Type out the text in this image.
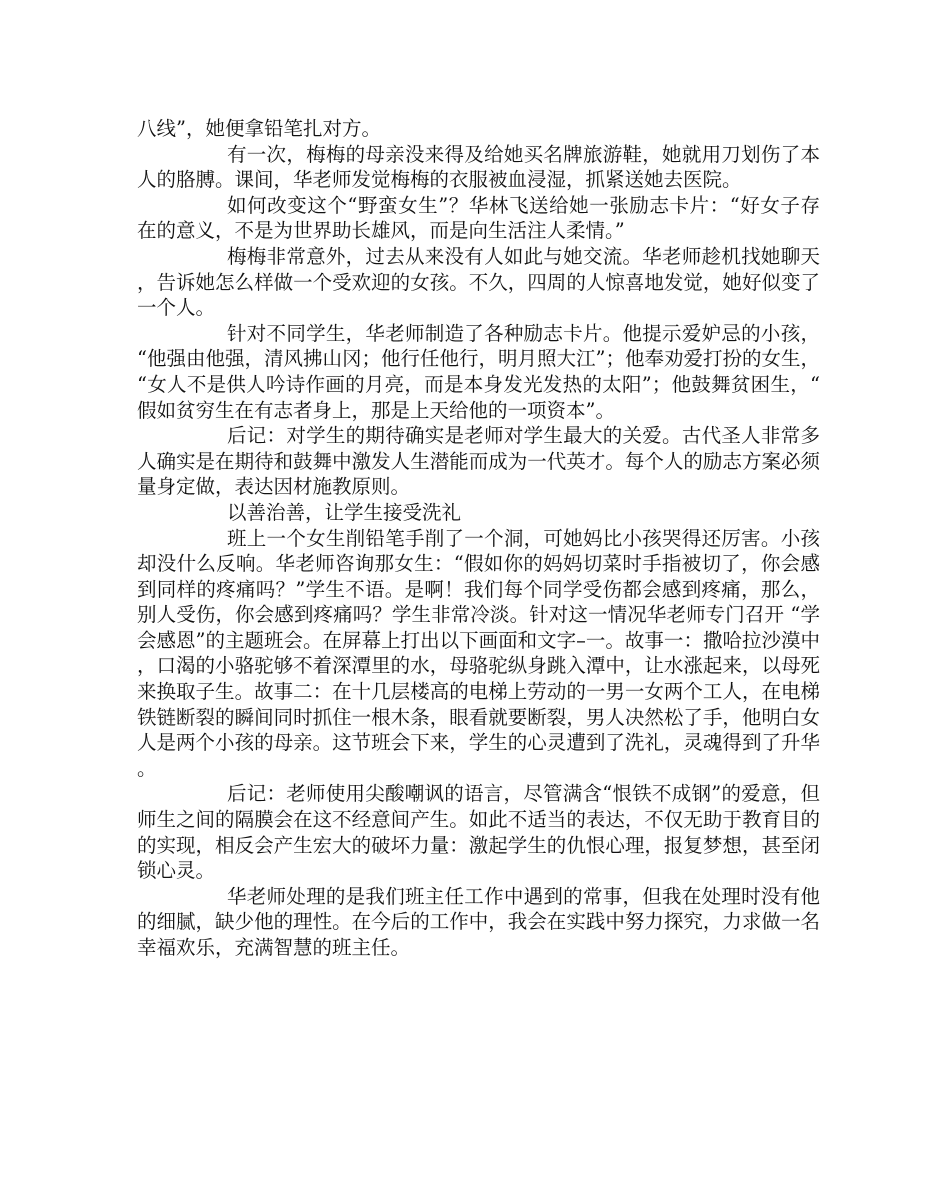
八线”，她便拿铅笔扎对方。

有一次，梅梅的母亲没来得及给她买名牌旅游鞋，她就用刀划伤了本人的胳膊。课间，华老师发觉梅梅的衣服被血浸湿，抓紧送她去医院。

如何改变这个“野蛮女生”？华林飞送给她一张励志卡片：“好女子存在的意义，不是为世界助长雄风，而是向生活注人柔情。”

梅梅非常意外，过去从来没有人如此与她交流。华老师趁机找她聊天，告诉她怎么样做一个受欢迎的女孩。不久，四周的人惊喜地发觉，她好似变了一个人。

针对不同学生，华老师制造了各种励志卡片。他提示爱妒忌的小孩，“他强由他强，清风拂山冈；他行任他行，明月照大江”；他奉劝爱打扮的女生，“女人不是供人吟诗作画的月亮，而是本身发光发热的太阳”；他鼓舞贫困生，“假如贫穷生在有志者身上，那是上天给他的一项资本”。

后记：对学生的期待确实是老师对学生最大的关爱。古代圣人非常多人确实是在期待和鼓舞中激发人生潜能而成为一代英才。每个人的励志方案必须量身定做，表达因材施教原则。

以善治善，让学生接受洗礼

班上一个女生削铅笔手削了一个洞，可她妈比小孩哭得还厉害。小孩却没什么反响。华老师咨询那女生：“假如你的妈妈切菜时手指被切了，你会感到同样的疼痛吗？”学生不语。是啊！我们每个同学受伤都会感到疼痛，那么，别人受伤，你会感到疼痛吗？学生非常冷淡。针对这一情况华老师专门召开 “学会感恩”的主题班会。在屏幕上打出以下画面和文字–一。故事一：撒哈拉沙漠中，口渴的小骆驼够不着深潭里的水，母骆驼纵身跳入潭中，让水涨起来，以母死来换取子生。故事二：在十几层楼高的电梯上劳动的一男一女两个工人，在电梯铁链断裂的瞬间同时抓住一根木条，眼看就要断裂，男人决然松了手，他明白女人是两个小孩的母亲。这节班会下来，学生的心灵遭到了洗礼，灵魂得到了升华。

后记：老师使用尖酸嘲讽的语言，尽管满含“恨铁不成钢”的爱意，但师生之间的隔膜会在这不经意间产生。如此不适当的表达，不仅无助于教育目的的实现，相反会产生宏大的破坏力量：激起学生的仇恨心理，报复梦想，甚至闭锁心灵。

华老师处理的是我们班主任工作中遇到的常事，但我在处理时没有他的细腻，缺少他的理性。在今后的工作中，我会在实践中努力探究，力求做一名幸福欢乐，充满智慧的班主任。
